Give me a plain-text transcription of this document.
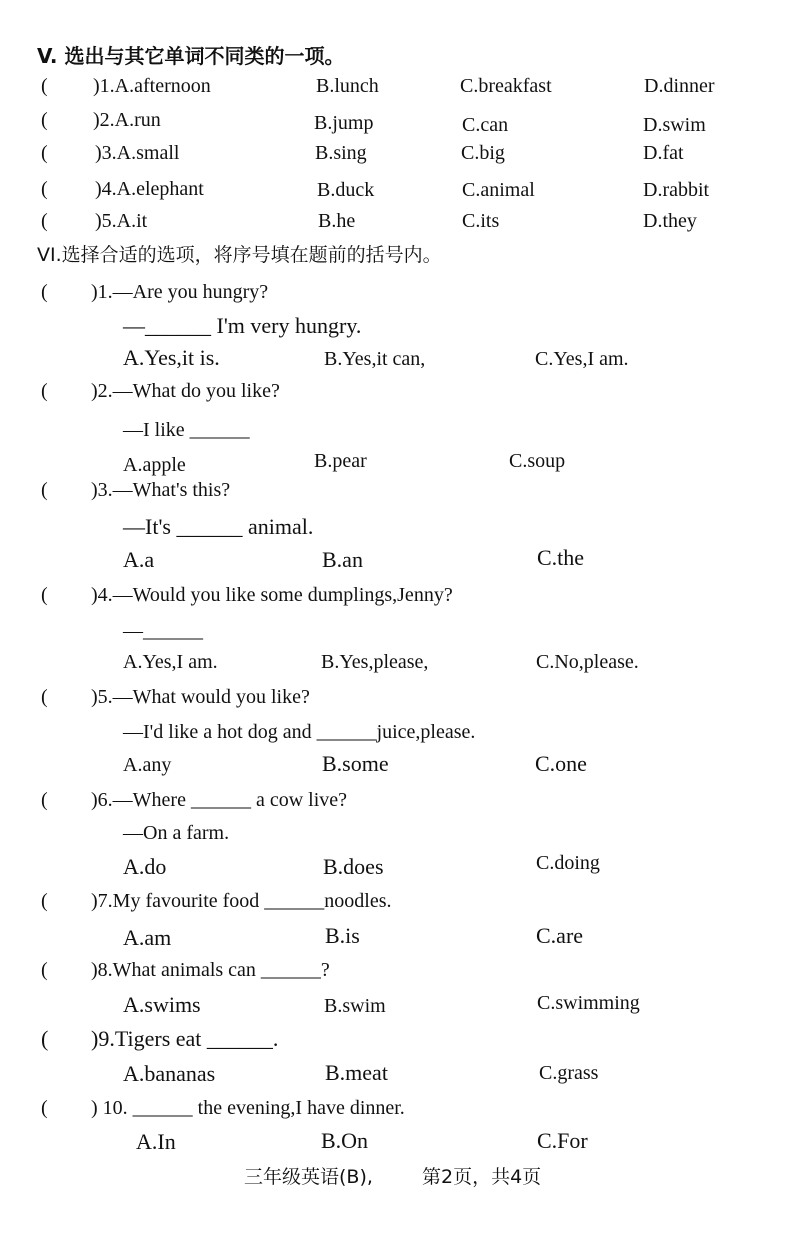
V. 选出与其它单词不同类的一项。
( )1.A.afternoon	B.lunch	C.breakfast	D.dinner
( )2.A.run	B.jump	C.can	D.swim
( )3.A.small	B.sing	C.big	D.fat
( )4.A.elephant	B.duck	C.animal	D.rabbit
( )5.A.it	B.he	C.its	D.they
VI.选择合适的选项，将序号填在题前的括号内。
( )1.—Are you hungry?
—______ I'm very hungry.
A.Yes,it is.	B.Yes,it can,	C.Yes,I am.
( )2.—What do you like?
—I like ______
A.apple	B.pear	C.soup
( )3.—What's this?
—It's ______ animal.
A.a	B.an	C.the
( )4.—Would you like some dumplings,Jenny?
—______
A.Yes,I am.	B.Yes,please,	C.No,please.
( )5.—What would you like?
—I'd like a hot dog and ______juice,please.
A.any	B.some	C.one
( )6.—Where ______ a cow live?
—On a farm.
A.do	B.does	C.doing
( )7.My favourite food ______noodles.
A.am	B.is	C.are
( )8.What animals can ______?
A.swims	B.swim	C.swimming
( )9.Tigers eat ______.
A.bananas	B.meat	C.grass
( ) 10. ______ the evening,I have dinner.
A.In	B.On	C.For
三年级英语(B),	第2页，共4页
